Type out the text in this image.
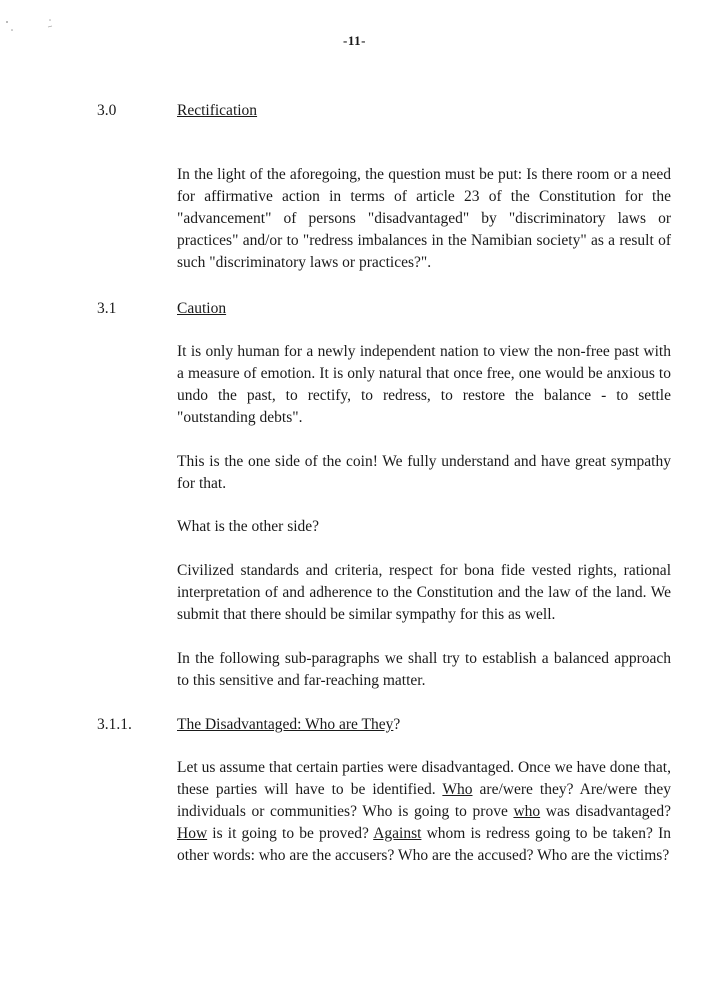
-11-
3.0	Rectification
In the light of the aforegoing, the question must be put: Is there room or a need for affirmative action in terms of article 23 of the Constitution for the "advancement" of persons "disadvantaged" by "discriminatory laws or practices" and/or to "redress imbalances in the Namibian society" as a result of such "discriminatory laws or practices?".
3.1	Caution
It is only human for a newly independent nation to view the non-free past with a measure of emotion. It is only natural that once free, one would be anxious to undo the past, to rectify, to redress, to restore the balance - to settle "outstanding debts".
This is the one side of the coin! We fully understand and have great sympathy for that.
What is the other side?
Civilized standards and criteria, respect for bona fide vested rights, rational interpretation of and adherence to the Constitution and the law of the land. We submit that there should be similar sympathy for this as well.
In the following sub-paragraphs we shall try to establish a balanced approach to this sensitive and far-reaching matter.
3.1.1.	The Disadvantaged: Who are They?
Let us assume that certain parties were disadvantaged. Once we have done that, these parties will have to be identified. Who are/were they? Are/were they individuals or communities? Who is going to prove who was disadvantaged? How is it going to be proved? Against whom is redress going to be taken? In other words: who are the accusers? Who are the accused? Who are the victims?
